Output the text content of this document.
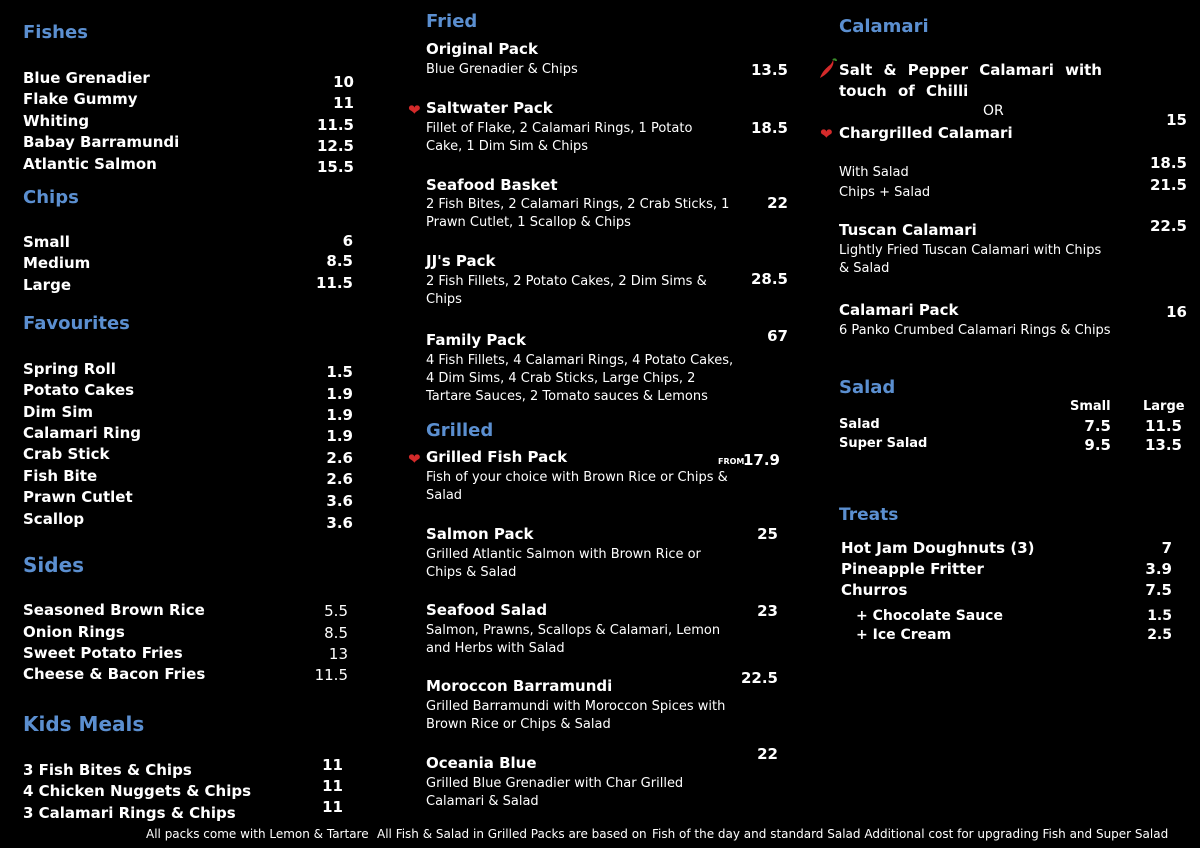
Fishes
Blue Grenadier	10
Flake Gummy	11
Whiting	11.5
Babay Barramundi	12.5
Atlantic Salmon	15.5
Chips
Small	6
Medium	8.5
Large	11.5
Favourites
Spring Roll	1.5
Potato Cakes	1.9
Dim Sim	1.9
Calamari Ring	1.9
Crab Stick	2.6
Fish Bite	2.6
Prawn Cutlet	3.6
Scallop	3.6
Sides
Seasoned Brown Rice	5.5
Onion Rings	8.5
Sweet Potato Fries	13
Cheese & Bacon Fries	11.5
Kids Meals
3 Fish Bites & Chips	11
4 Chicken Nuggets & Chips	11
3 Calamari Rings & Chips	11
Fried
Original Pack
Blue Grenadier & Chips	13.5
❤ Saltwater Pack
Fillet of Flake, 2 Calamari Rings, 1 Potato Cake, 1 Dim Sim & Chips
18.5
Seafood Basket
2 Fish Bites, 2 Calamari Rings, 2 Crab Sticks, 1 Prawn Cutlet, 1 Scallop & Chips
22
JJ's Pack
2 Fish Fillets, 2 Potato Cakes, 2 Dim Sims & Chips
28.5
Family Pack
4 Fish Fillets, 4 Calamari Rings, 4 Potato Cakes, 4 Dim Sims, 4 Crab Sticks, Large Chips, 2 Tartare Sauces, 2 Tomato sauces & Lemons
67
Grilled
❤ Grilled Fish Pack	FROM
17.9
Fish of your choice with Brown Rice or Chips & Salad
Salmon Pack
Grilled Atlantic Salmon with Brown Rice or Chips & Salad
25
Seafood Salad
Salmon, Prawns, Scallops & Calamari, Lemon and Herbs with Salad
23
Moroccon Barramundi
Grilled Barramundi with Moroccon Spices with Brown Rice or Chips & Salad
22.5
Oceania Blue
Grilled Blue Grenadier with Char Grilled Calamari & Salad
22
Calamari
Salt & Pepper Calamari with touch of Chilli
OR
❤ Chargrilled Calamari
15
With Salad
18.5
Chips + Salad	21.5
Tuscan Calamari
Lightly Fried Tuscan Calamari with Chips & Salad
22.5
Calamari Pack
6 Panko Crumbed Calamari Rings & Chips
16
Salad
Small Large
Salad	7.5	11.5
Super Salad	9.5	13.5
Treats
Hot Jam Doughnuts (3)	7
Pineapple Fritter	3.9
Churros	7.5
+ Chocolate Sauce	1.5
+ Ice Cream	2.5
All packs come with Lemon & Tartare All Fish & Salad in Grilled Packs are based on Fish of the day and standard Salad Additional cost for upgrading Fish and Super Salad
